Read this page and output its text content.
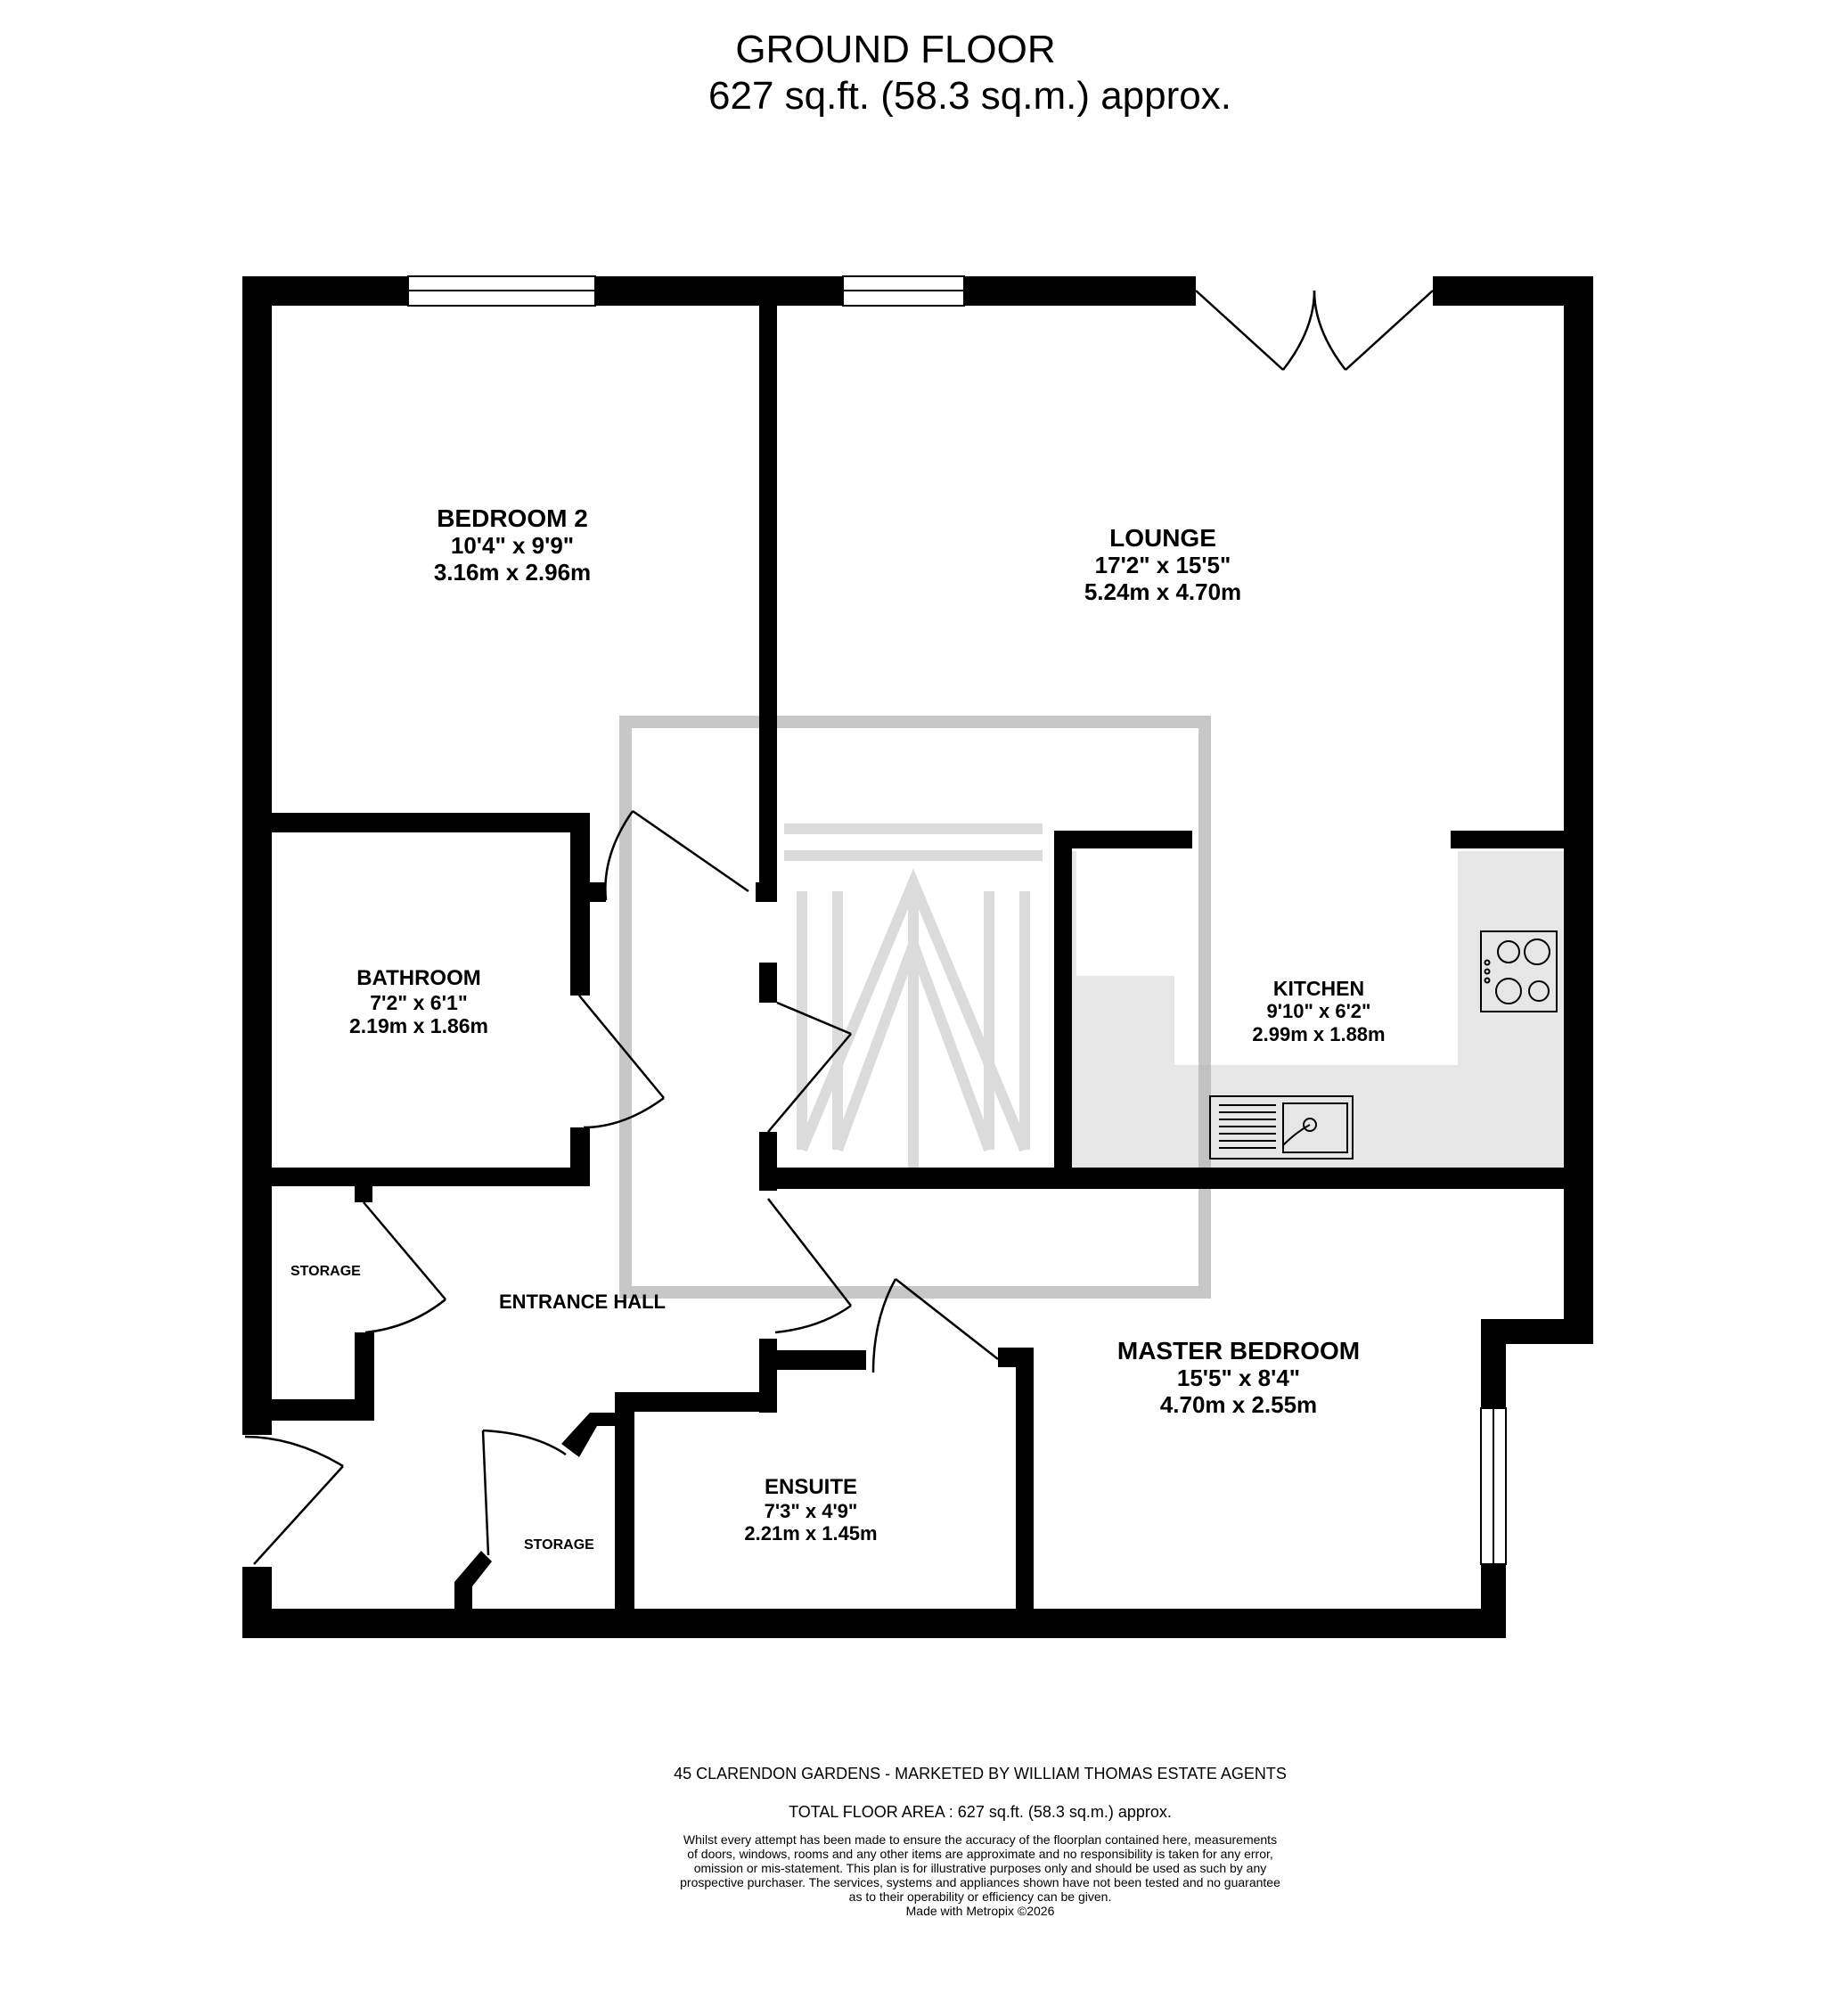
GROUND FLOOR
627 sq.ft. (58.3 sq.m.) approx.
BEDROOM 2
10'4" x 9'9"
3.16m x 2.96m
LOUNGE
17'2" x 15'5"
5.24m x 4.70m
BATHROOM
7'2" x 6'1"
2.19m x 1.86m
KITCHEN
9'10" x 6'2"
2.99m x 1.88m
MASTER BEDROOM
15'5" x 8'4"
4.70m x 2.55m
ENSUITE
7'3" x 4'9"
2.21m x 1.45m
STORAGE
STORAGE
ENTRANCE HALL
45 CLARENDON GARDENS - MARKETED BY WILLIAM THOMAS ESTATE AGENTS
TOTAL FLOOR AREA : 627 sq.ft. (58.3 sq.m.) approx.
Whilst every attempt has been made to ensure the accuracy of the floorplan contained here, measurements
of doors, windows, rooms and any other items are approximate and no responsibility is taken for any error,
omission or mis-statement. This plan is for illustrative purposes only and should be used as such by any
prospective purchaser. The services, systems and appliances shown have not been tested and no guarantee
as to their operability or efficiency can be given.
Made with Metropix ©2026
